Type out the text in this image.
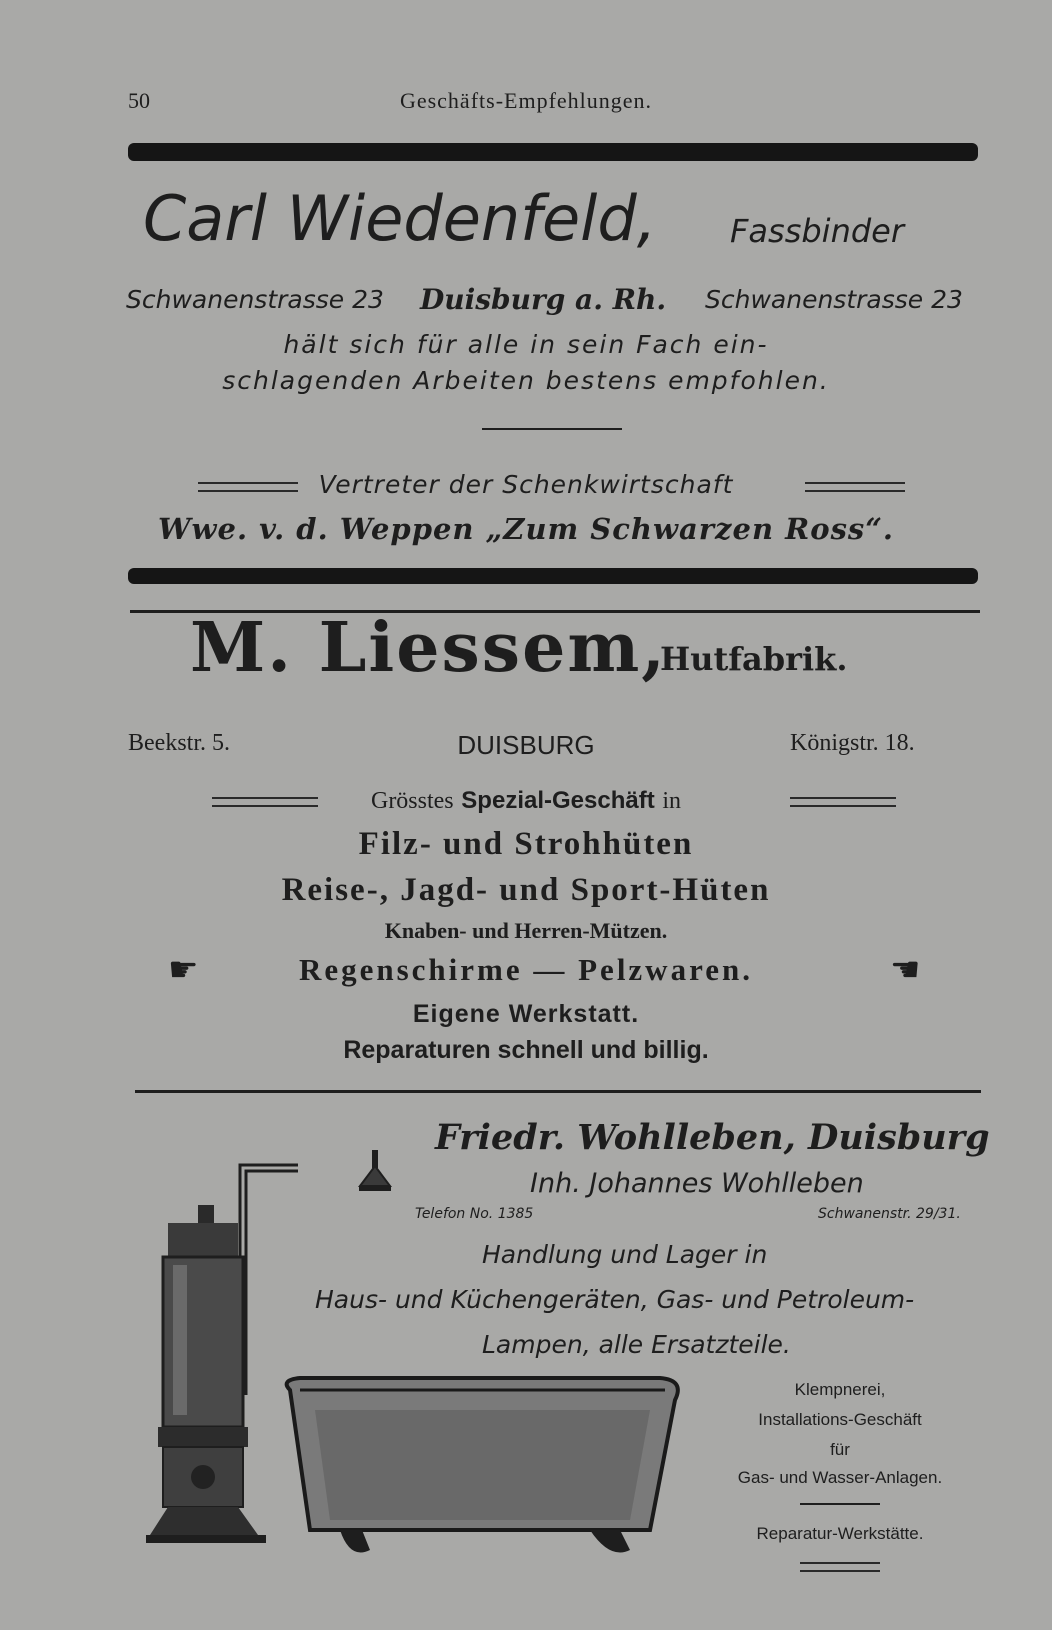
50	Geschäfts-Empfehlungen.
Carl Wiedenfeld, Fassbinder
Schwanenstrasse 23 Duisburg a. Rh. Schwanenstrasse 23
hält sich für alle in sein Fach ein-
schlagenden Arbeiten bestens empfohlen.
Vertreter der Schenkwirtschaft
Wwe. v. d. Weppen „Zum Schwarzen Ross“.
M. Liessem,
Hutfabrik.
Beekstr. 5.	DUISBURG	Königstr. 18.
Grösstes Spezial-Geschäft in
Filz- und Strohhüten
Reise-, Jagd- und Sport-Hüten
Knaben- und Herren-Mützen.
☛	Regenschirme — Pelzwaren.	☚
Eigene Werkstatt.
Reparaturen schnell und billig.
Friedr. Wohlleben, Duisburg
Inh. Johannes Wohlleben
Telefon No. 1385	Schwanenstr. 29/31.
Handlung und Lager in
Haus- und Küchengeräten, Gas- und Petroleum-
Lampen, alle Ersatzteile.
Klempnerei,
Installations-Geschäft
für
Gas- und Wasser-Anlagen.
Reparatur-Werkstätte.
